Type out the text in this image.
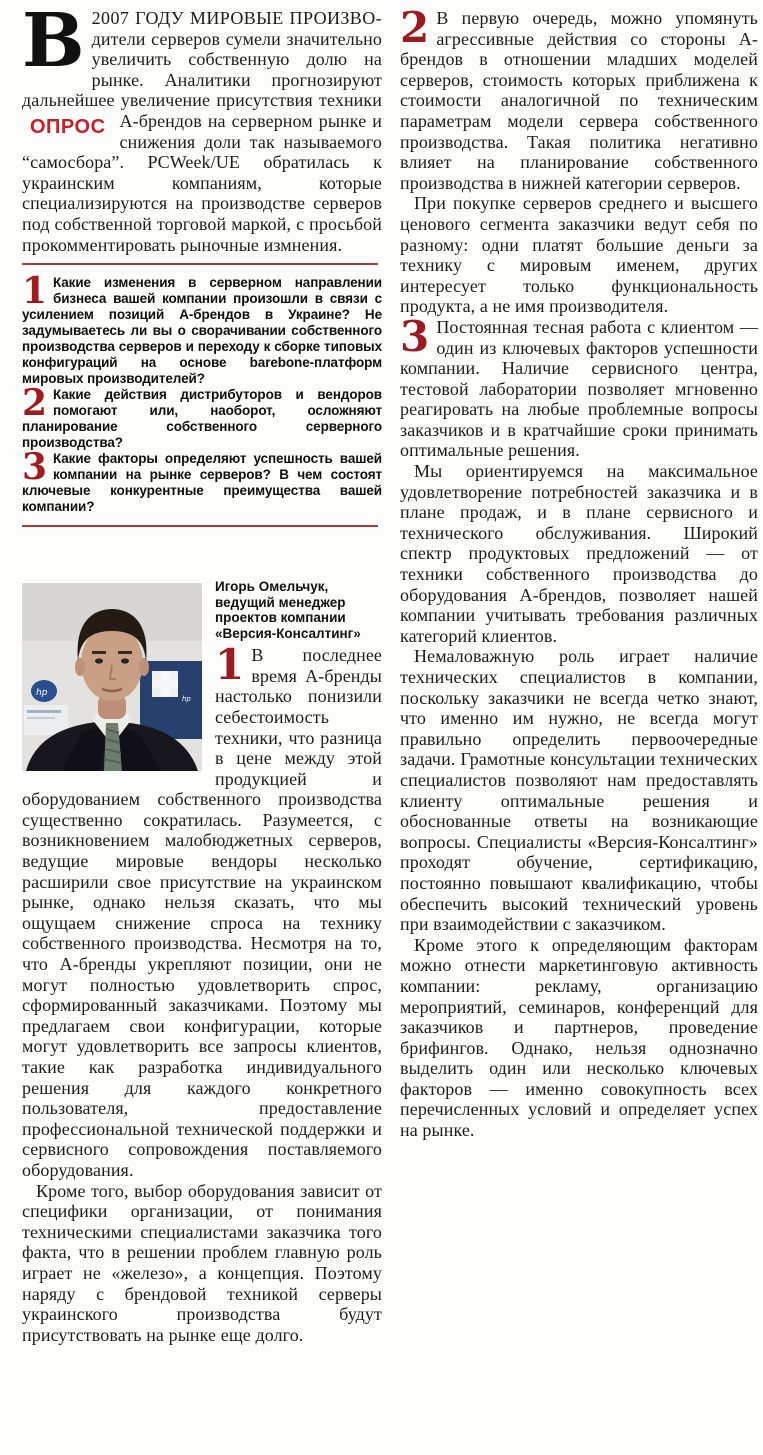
В 2007 ГОДУ МИРОВЫЕ ПРОИЗВО- дители серверов сумели значительно увеличить собственную долю на рынке. Аналитики прогнозируют дальнейшее увеличение присутствия
ОПРОС
техники А-брендов на серверном рынке и снижения доли так называемого “самосбора”. PCWeek/UE обратилась к украинским компаниям, которые специализируются на производстве серверов под собственной торговой маркой, с просьбой прокомментировать рыночные измнения.

1 Какие изменения в серверном направлении бизнеса вашей компании произошли в связи с усилением позиций А-брендов в Украине? Не задумываетесь ли вы о сворачивании собственного производства серверов и переходу к сборке типовых конфигураций на основе barebone-платформ мировых производителей?

2 Какие действия дистрибуторов и вендоров помогают или, наоборот, осложняют планирование собственного серверного производства?

3 Какие факторы определяют успешность вашей компании на рынке серверов? В чем состоят ключевые конкурентные преимущества вашей компании?

hp
hp

Игорь Омельчук, ведущий менеджер проектов компании «Версия-Консалтинг»

1 В последнее время А-бренды настолько понизили себестоимость техники, что разница в цене между этой продукцией и оборудованием собственного производства существенно сократилась. Разумеется, с возникновением малобюджетных серверов, ведущие мировые вендоры несколько расширили свое присутствие на украинском рынке, однако нельзя сказать, что мы ощущаем снижение спроса на технику собственного производства. Несмотря на то, что А-бренды укрепляют позиции, они не могут полностью удовлетворить спрос, сформированный заказчиками. Поэтому мы предлагаем свои конфигурации, которые могут удовлетворить все запросы клиентов, такие как разработка индивидуального решения для каждого конкретного пользователя, предоставление профессиональной технической поддержки и сервисного сопровождения поставляемого оборудования.

Кроме того, выбор оборудования зависит от специфики организации, от понимания техническими специалистами заказчика того факта, что в решении проблем главную роль играет не «железо», а концепция. Поэтому наряду с брендовой техникой серверы украинского производства будут присутствовать на рынке еще долго.

2 В первую очередь, можно упомянуть агрессивные действия со стороны А-брендов в отношении младших моделей серверов, стоимость которых приближена к стоимости аналогичной по техническим параметрам модели сервера собственного производства. Такая политика негативно влияет на планирование собственного производства в нижней категории серверов.

При покупке серверов среднего и высшего ценового сегмента заказчики ведут себя по разному: одни платят большие деньги за технику с мировым именем, других интересует только функциональность продукта, а не имя производителя.

3 Постоянная тесная работа с клиентом — один из ключевых факторов успешности компании. Наличие сервисного центра, тестовой лаборатории позволяет мгновенно реагировать на любые проблемные вопросы заказчиков и в кратчайшие сроки принимать оптимальные решения.

Мы ориентируемся на максимальное удовлетворение потребностей заказчика и в плане продаж, и в плане сервисного и технического обслуживания. Широкий спектр продуктовых предложений — от техники собственного производства до оборудования А-брендов, позволяет нашей компании учитывать требования различных категорий клиентов.

Немаловажную роль играет наличие технических специалистов в компании, поскольку заказчики не всегда четко знают, что именно им нужно, не всегда могут правильно определить первоочередные задачи. Грамотные консультации технических специалистов позволяют нам предоставлять клиенту оптимальные решения и обоснованные ответы на возникающие вопросы. Специалисты «Версия-Консалтинг» проходят обучение, сертификацию, постоянно повышают квалификацию, чтобы обеспечить высокий технический уровень при взаимодействии с заказчиком.

Кроме этого к определяющим факторам можно отнести маркетинговую активность компании: рекламу, организацию мероприятий, семинаров, конференций для заказчиков и партнеров, проведение брифингов. Однако, нельзя однозначно выделить один или несколько ключевых факторов — именно совокупность всех перечисленных условий и определяет успех на рынке.
